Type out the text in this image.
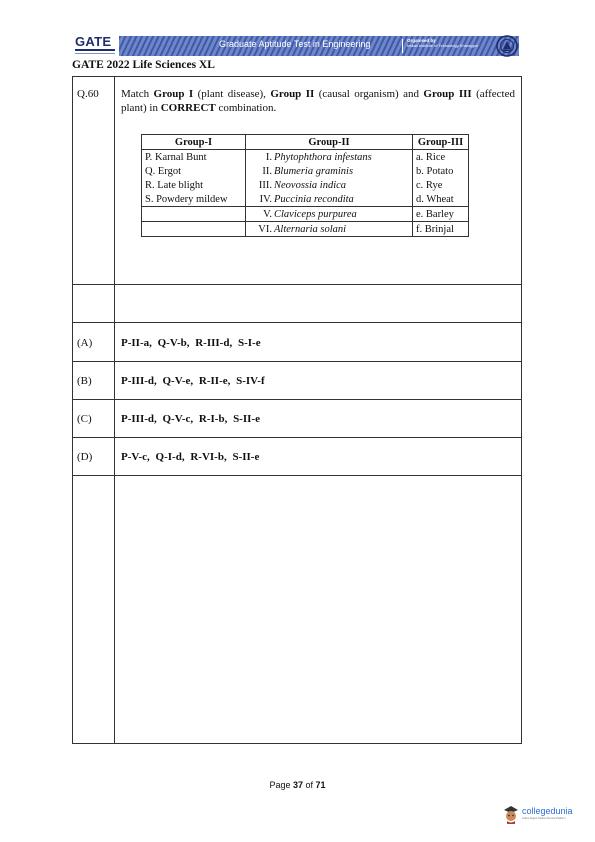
GATE	Graduate Aptitude Test in Engineering	Organised by
Indian Institute of Technology Kharagpur
GATE 2022 Life Sciences XL
Q.60 Match Group I (plant disease), Group II (causal organism) and Group III (affected plant) in CORRECT combination.
Group-I	Group-II	Group-III
P. Karnal Bunt	I. Phytophthora infestans	a. Rice
Q. Ergot	II. Blumeria graminis	b. Potato
R. Late blight	III. Neovossia indica	c. Rye
S. Powdery mildew	IV. Puccinia recondita	d. Wheat
	V. Claviceps purpurea	e. Barley
	VI. Alternaria solani	f. Brinjal
(A)	P-II-a, Q-V-b, R-III-d, S-I-e
(B)	P-III-d, Q-V-e, R-II-e, S-IV-f
(C)	P-III-d, Q-V-c, R-I-b, S-II-e
(D)	P-V-c, Q-I-d, R-VI-b, S-II-e
Page 37 of 71
collegedunia
India's largest Student Review Platform
